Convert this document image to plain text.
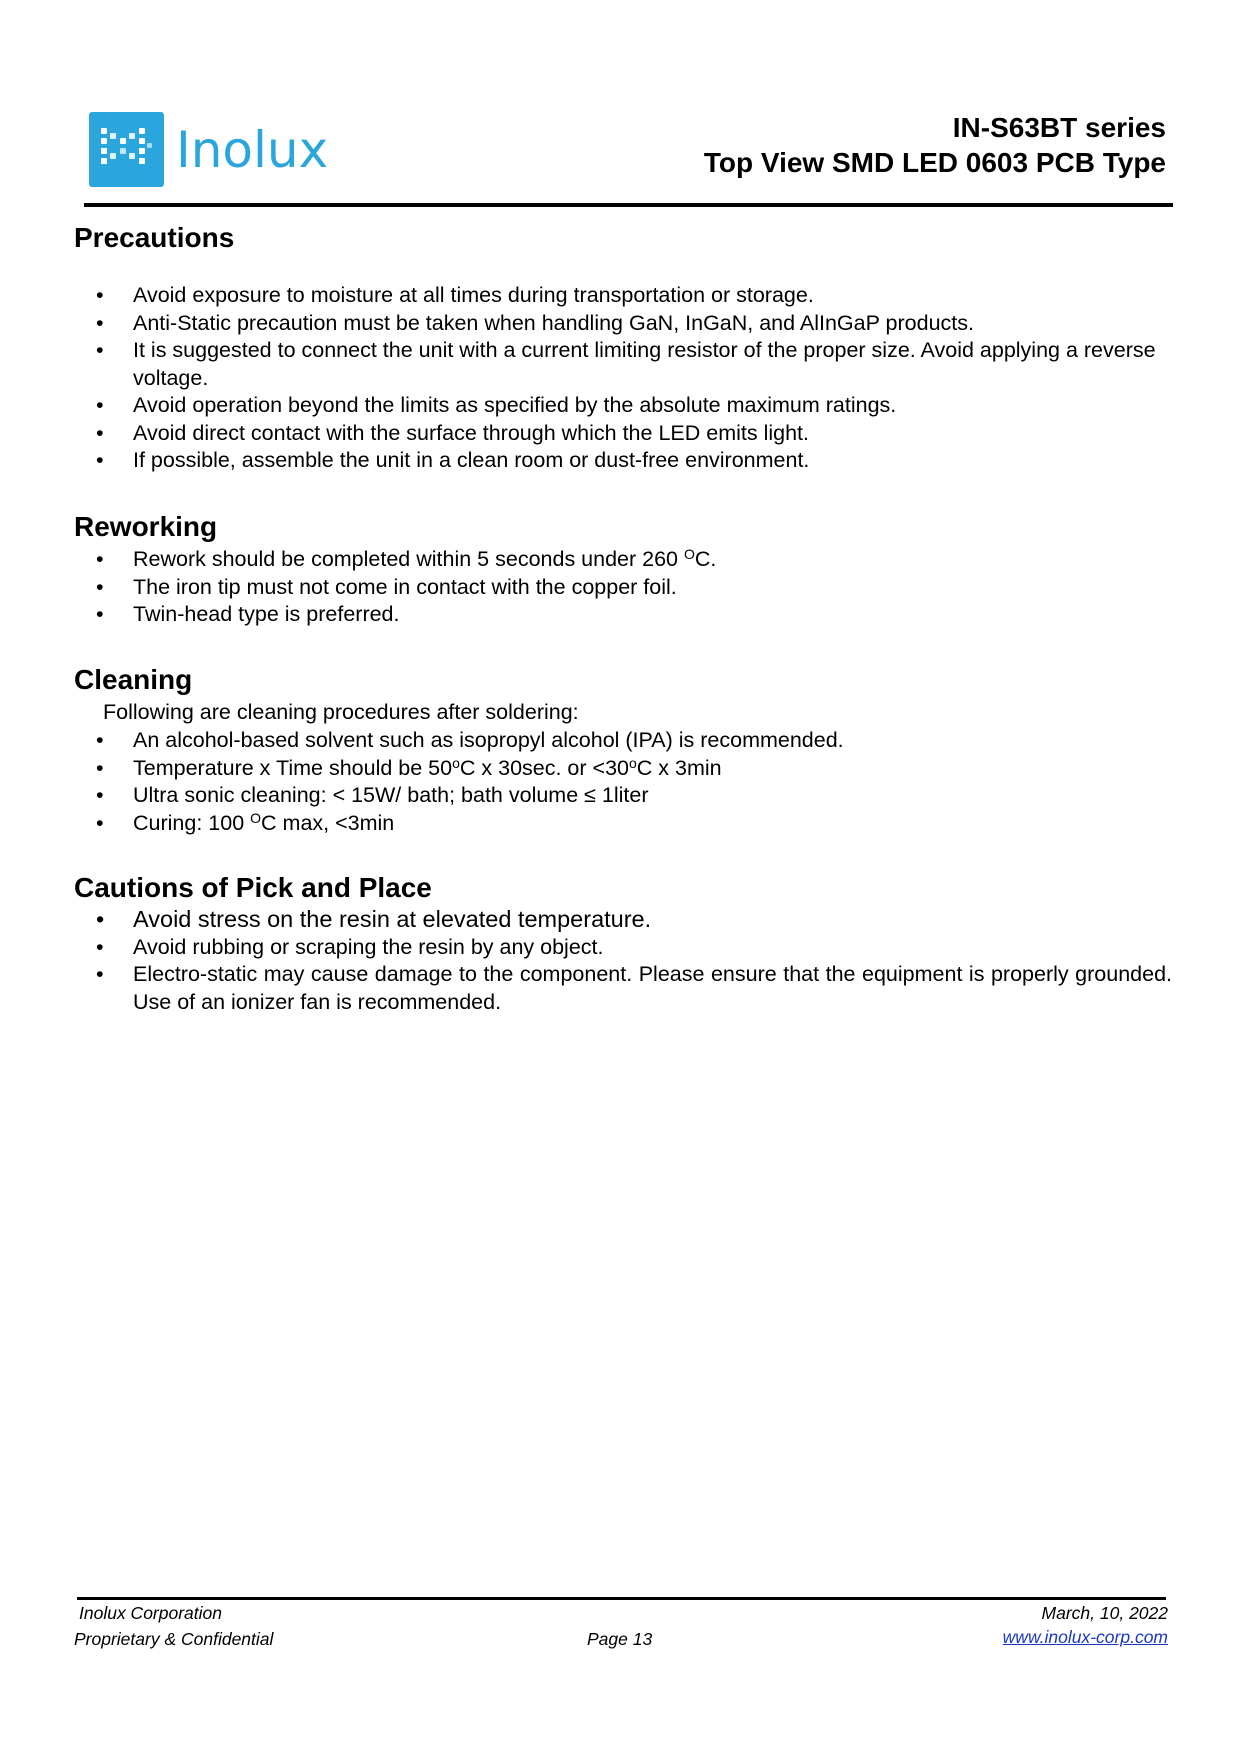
Inolux	IN-S63BT series
Top View SMD LED 0603 PCB Type
Precautions
• Avoid exposure to moisture at all times during transportation or storage.
• Anti-Static precaution must be taken when handling GaN, InGaN, and AlInGaP products.
• It is suggested to connect the unit with a current limiting resistor of the proper size. Avoid applying a reverse voltage.
• Avoid operation beyond the limits as specified by the absolute maximum ratings.
• Avoid direct contact with the surface through which the LED emits light.
• If possible, assemble the unit in a clean room or dust-free environment.
Reworking
• Rework should be completed within 5 seconds under 260 $^O$C.
• The iron tip must not come in contact with the copper foil.
• Twin-head type is preferred.
Cleaning
Following are cleaning procedures after soldering:
• An alcohol-based solvent such as isopropyl alcohol (IPA) is recommended.
• Temperature x Time should be 50$^o$C x 30sec. or $<30^oC$ x 3min
• Ultra sonic cleaning: < 15W/ bath; bath volume ≤ 1liter
• Curing: 100 $^O$C max, <3min
Cautions of Pick and Place
• Avoid stress on the resin at elevated temperature.
• Avoid rubbing or scraping the resin by any object.
• Electro-static may cause damage to the component. Please ensure that the equipment is properly grounded. Use of an ionizer fan is recommended.
Inolux Corporation
Proprietary & Confidential	Page 13
March, 10, 2022
www.inolux-corp.com
